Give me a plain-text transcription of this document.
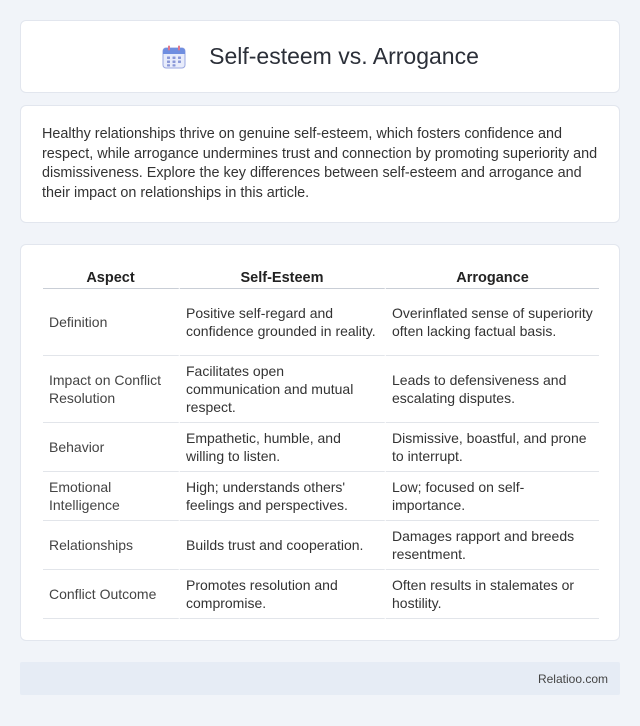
Self-esteem vs. Arrogance

Healthy relationships thrive on genuine self-esteem, which fosters confidence and respect, while arrogance undermines trust and connection by promoting superiority and dismissiveness. Explore the key differences between self-esteem and arrogance and their impact on relationships in this article.

Aspect	Self-Esteem	Arrogance
Definition	Positive self-regard and confidence grounded in reality.	Overinflated sense of superiority often lacking factual basis.
Impact on Conflict Resolution	Facilitates open communication and mutual respect.	Leads to defensiveness and escalating disputes.
Behavior	Empathetic, humble, and willing to listen.	Dismissive, boastful, and prone to interrupt.
Emotional Intelligence	High; understands others' feelings and perspectives.	Low; focused on self-importance.
Relationships	Builds trust and cooperation.	Damages rapport and breeds resentment.
Conflict Outcome	Promotes resolution and compromise.	Often results in stalemates or hostility.
Relatioo.com
